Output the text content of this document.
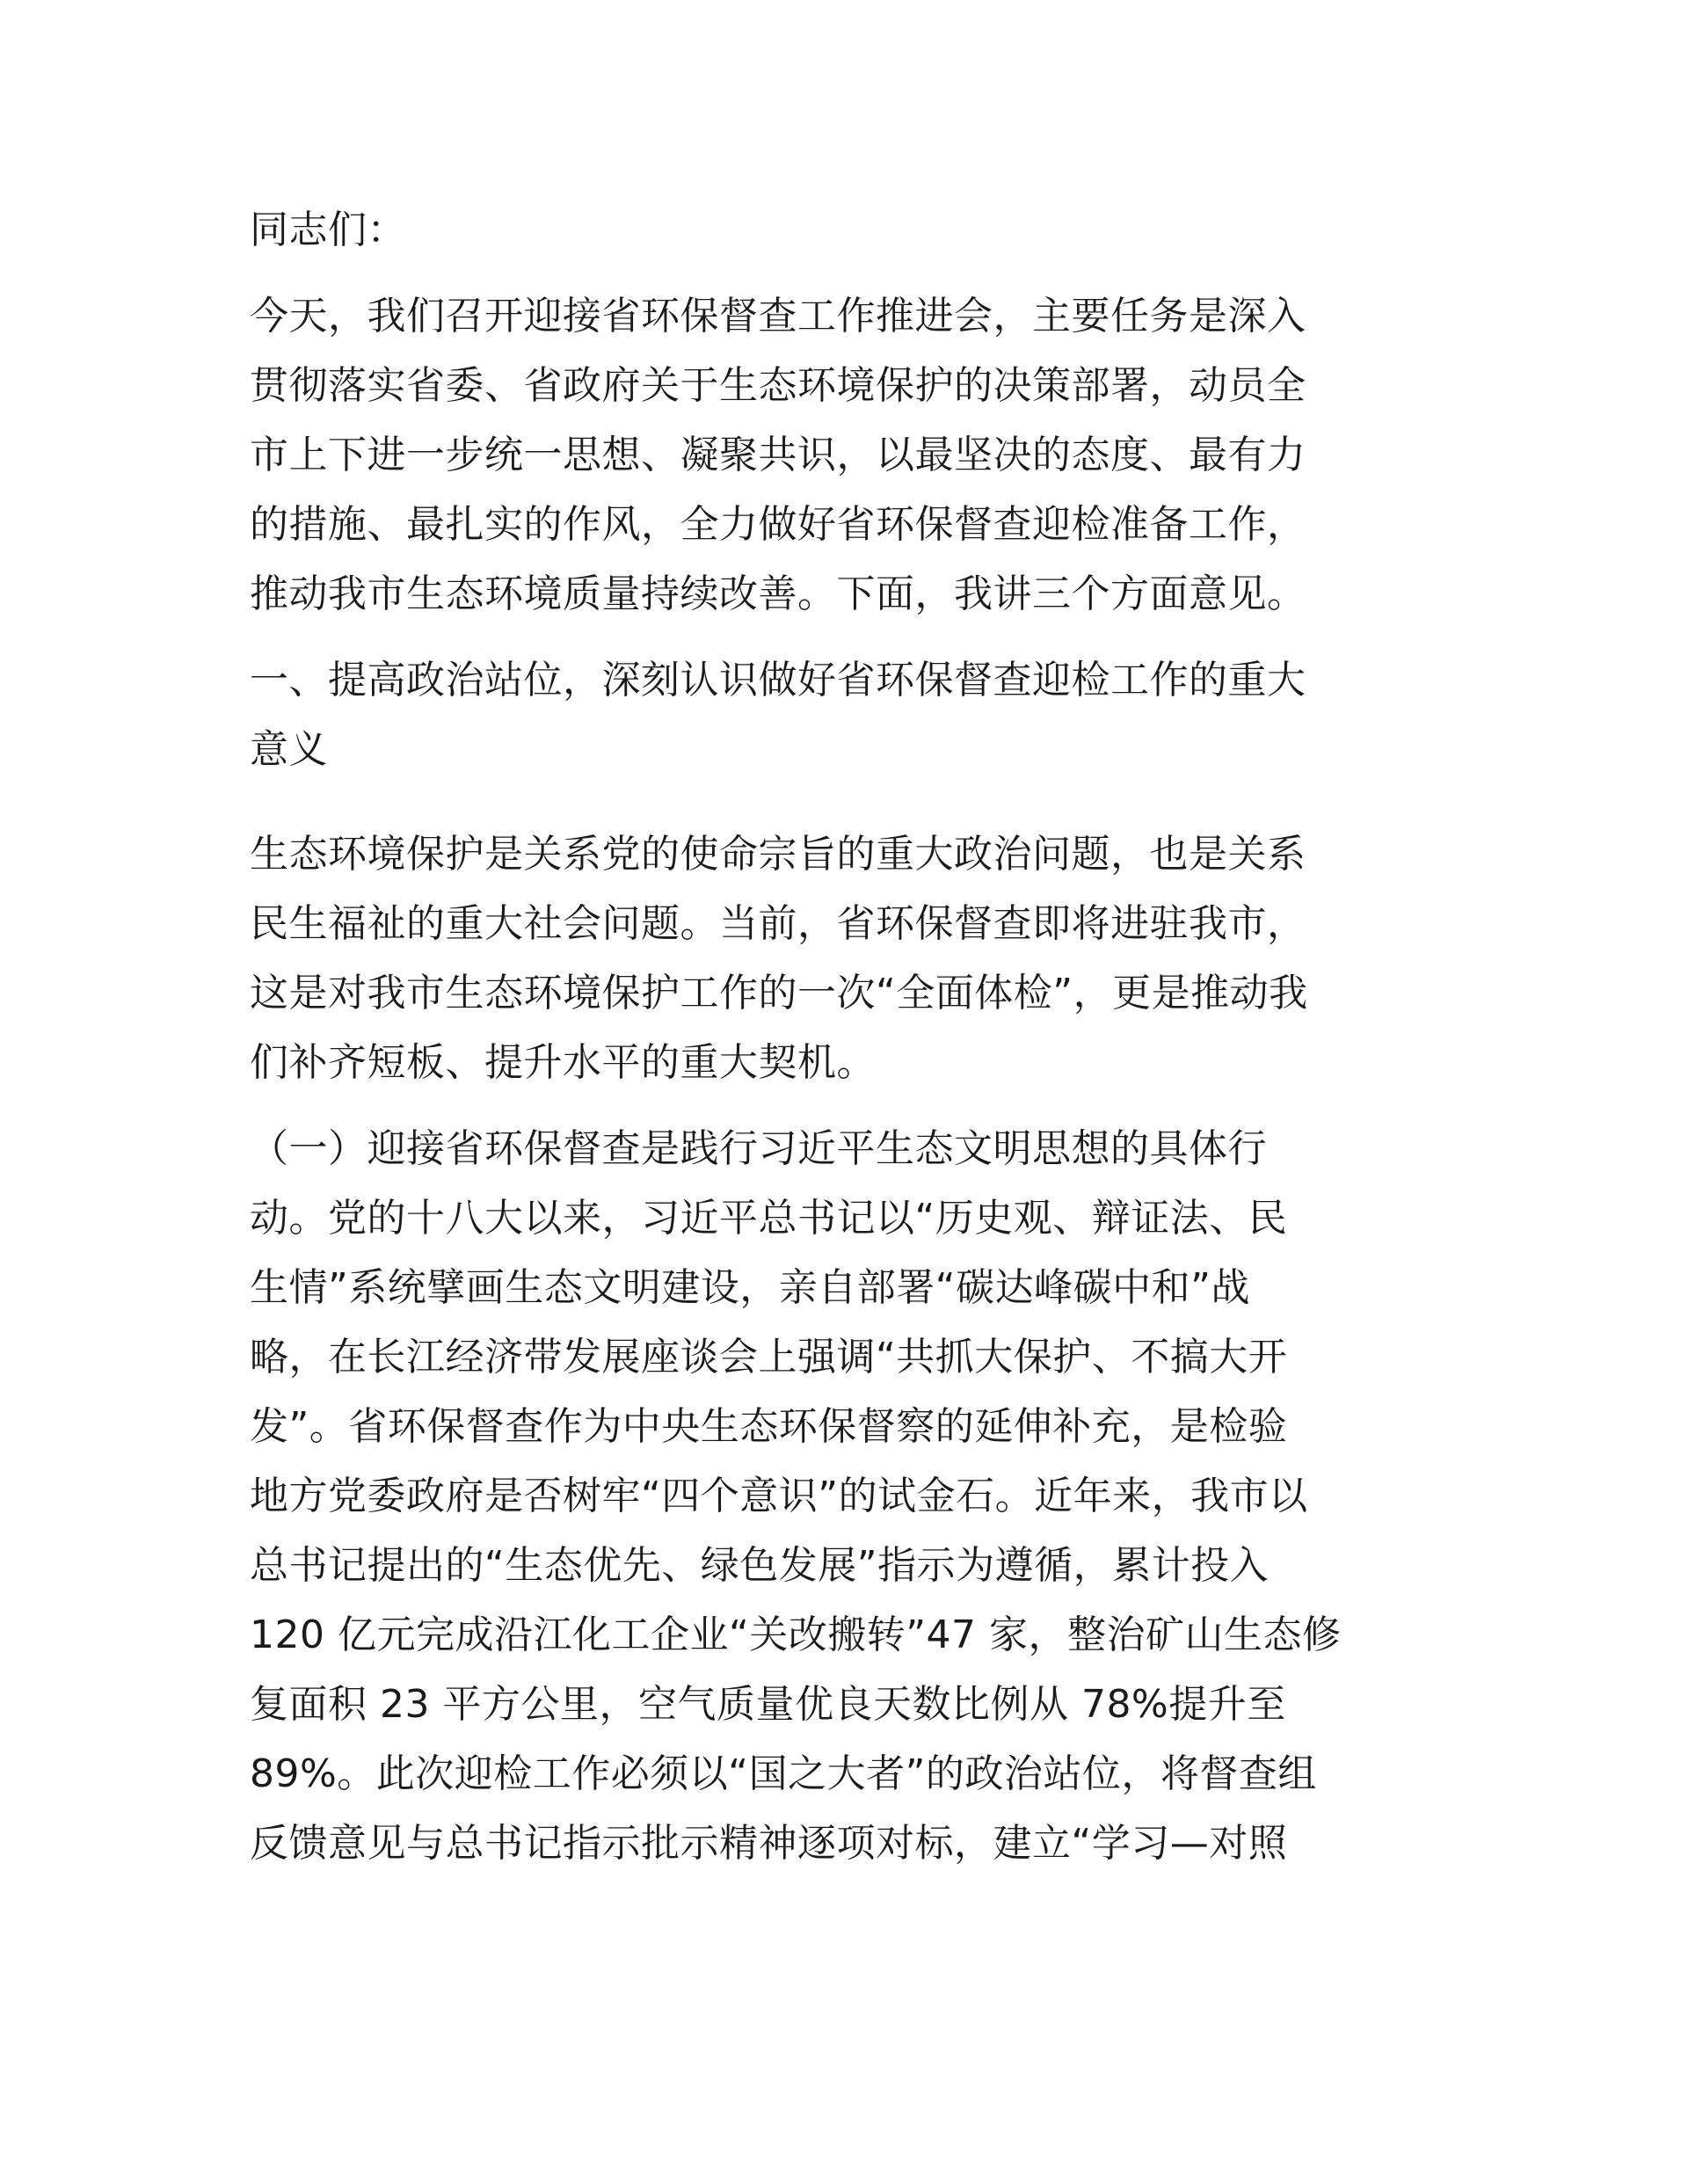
同志们：

今天，我们召开迎接省环保督查工作推进会，主要任务是深入
贯彻落实省委、省政府关于生态环境保护的决策部署，动员全
市上下进一步统一思想、凝聚共识，以最坚决的态度、最有力
的措施、最扎实的作风，全力做好省环保督查迎检准备工作，
推动我市生态环境质量持续改善。下面，我讲三个方面意见。

一、提高政治站位，深刻认识做好省环保督查迎检工作的重大
意义

生态环境保护是关系党的使命宗旨的重大政治问题，也是关系
民生福祉的重大社会问题。当前，省环保督查即将进驻我市，
这是对我市生态环境保护工作的一次“全面体检”，更是推动我
们补齐短板、提升水平的重大契机。

（一）迎接省环保督查是践行习近平生态文明思想的具体行
动。党的十八大以来，习近平总书记以“历史观、辩证法、民
生情”系统擘画生态文明建设，亲自部署“碳达峰碳中和”战
略，在长江经济带发展座谈会上强调“共抓大保护、不搞大开
发”。省环保督查作为中央生态环保督察的延伸补充，是检验
地方党委政府是否树牢“四个意识”的试金石。近年来，我市以
总书记提出的“生态优先、绿色发展”指示为遵循，累计投入
120 亿元完成沿江化工企业“关改搬转”47 家，整治矿山生态修
复面积 23 平方公里，空气质量优良天数比例从 78%提升至
89%。此次迎检工作必须以“国之大者”的政治站位，将督查组
反馈意见与总书记指示批示精神逐项对标，建立“学习—对照
